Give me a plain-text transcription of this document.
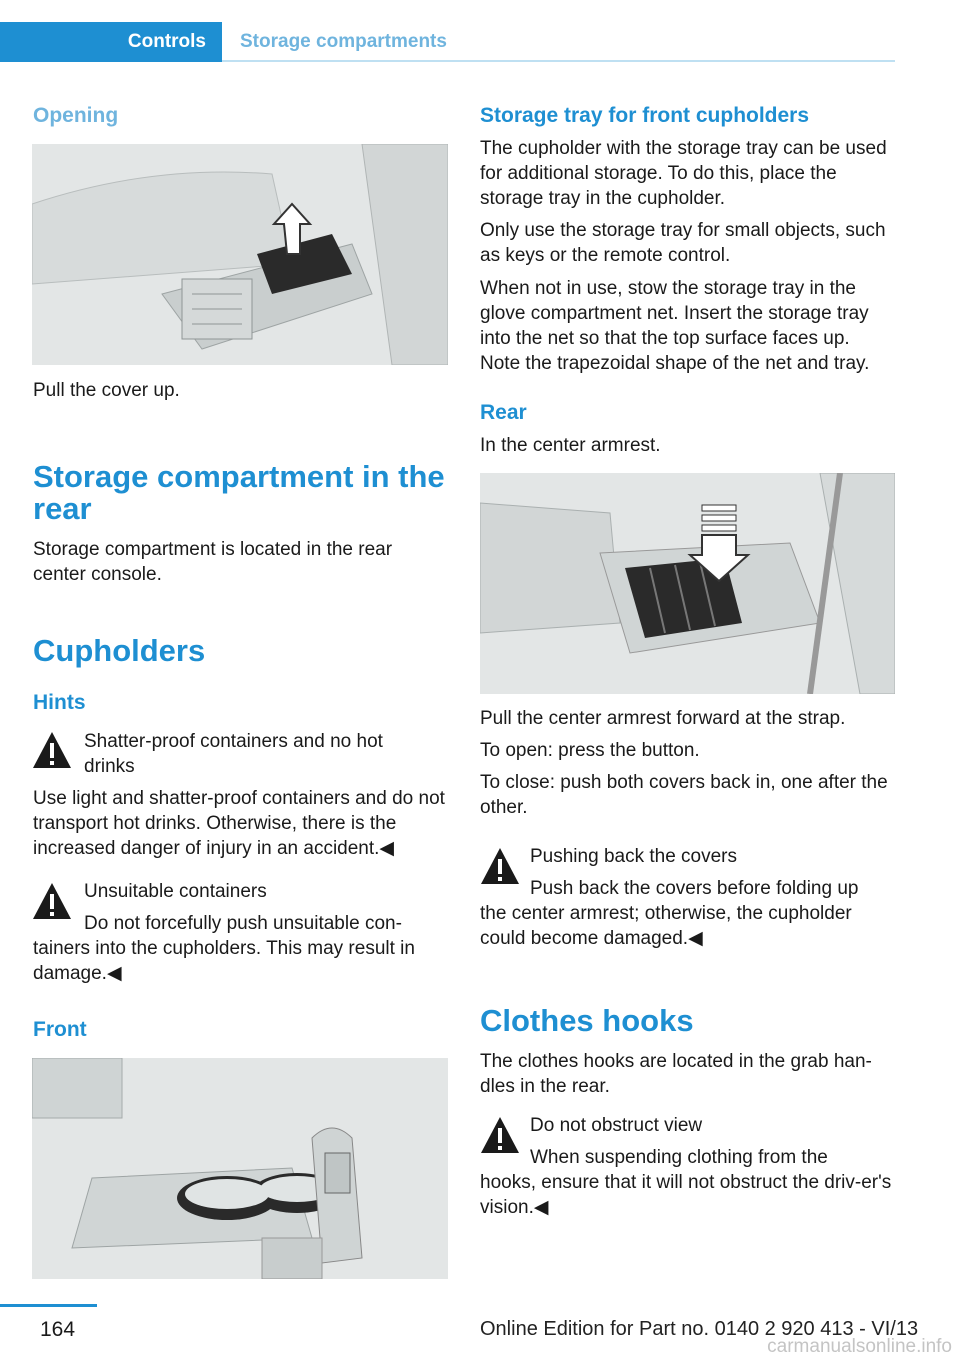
Controls	Storage compartments
Opening
Pull the cover up.
Storage compartment in the rear
Storage compartment is located in the rear center console.
Cupholders
Hints
Shatter-proof containers and no hot drinks
Use light and shatter-proof containers and do not transport hot drinks. Otherwise, there is the increased danger of injury in an accident.◀
Unsuitable containers
Do not forcefully push unsuitable con-
tainers into the cupholders. This may result in damage.◀
Front
Storage tray for front cupholders
The cupholder with the storage tray can be used for additional storage. To do this, place the storage tray in the cupholder.
Only use the storage tray for small objects, such as keys or the remote control.
When not in use, stow the storage tray in the glove compartment net. Insert the storage tray into the net so that the top surface faces up. Note the trapezoidal shape of the net and tray.
Rear
In the center armrest.
Pull the center armrest forward at the strap.
To open: press the button.
To close: push both covers back in, one after the other.
Pushing back the covers
Push back the covers before folding up
the center armrest; otherwise, the cupholder could become damaged.◀
Clothes hooks
The clothes hooks are located in the grab han-dles in the rear.
Do not obstruct view
When suspending clothing from the
hooks, ensure that it will not obstruct the driv-er's vision.◀
164	Online Edition for Part no. 0140 2 920 413 - VI/13
carmanualsonline.info
